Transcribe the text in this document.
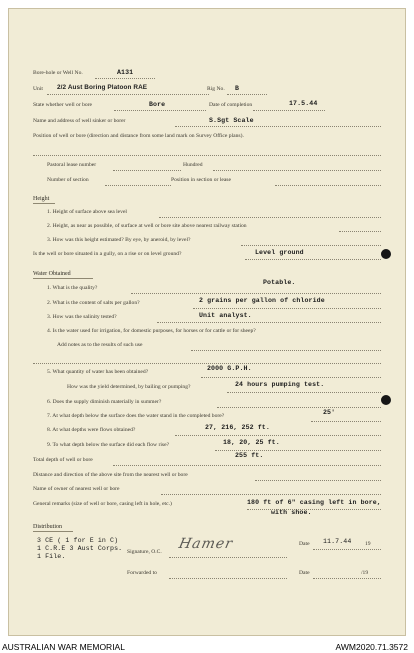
Bore-hole or Well No.	A131
Unit 2/2 Aust Boring Platoon RAE	Rig No. B
State whether well or bore	Bore	Date of completion	17.5.44
Name and address of well sinker or borer	S.Sgt Scale
Position of well or bore (direction and distance from some land mark on Survey Office plans).
Pastoral lease number	Hundred
Number of section	Position in section or lease
Height
1. Height of surface above sea level
2. Height, as near as possible, of surface at well or bore site above nearest railway station
3. How was this height estimated? By eye, by aneroid, by level?
Is the well or bore situated in a gully, on a rise or on level ground?	Level ground
Water Obtained
1. What is the quality?
Potable.
2. What is the content of salts per gallon?	2 grains per gallon of chloride
3. How was the salinity tested?	Unit analyst.
4. Is the water used for irrigation, for domestic purposes, for horses or for cattle or for sheep?
Add notes as to the results of such use
5. What quantity of water has been obtained?	2000 G.P.H.
How was the yield determined, by bailing or pumping?	24 hours pumping test.
6. Does the supply diminish materially in summer?
7. At what depth below the surface does the water stand in the completed bore?	25'
8. At what depths were flows obtained?	27, 216, 252 ft.
9. To what depth below the surface did each flow rise?	18, 20, 25 ft.
Total depth of well or bore
255 ft.
Distance and direction of the above site from the nearest well or bore
Name of owner of nearest well or bore
General remarks (size of well or bore, casing left in hole, etc.)	180 ft of 6" casing left in bore,
with shoe.
Distribution
3 CE ( 1 for E in C)
1 C.R.E 3 Aust Corps.
1 File.
Hamer
Signature, O.C.
Date 11.7.44 19
Forwarded to	Date	/19
AUSTRALIAN WAR MEMORIAL	AWM2020.71.3572
